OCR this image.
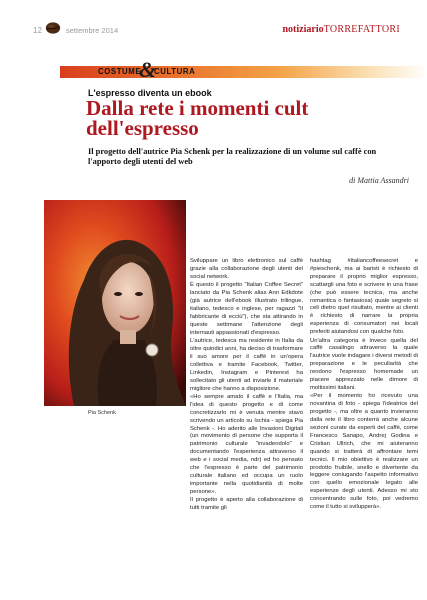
12	settembre 2014	notiziarioTORREFATTORI
COSTUME
&
CULTURA
L'espresso diventa un ebook
Dalla rete i momenti cult dell'espresso
Il progetto dell'autrice Pia Schenk per la realizzazione di un volume sul caffè con l'apporto degli utenti del web
di Mattia Assandri
Pia Schenk

Sviluppare un libro elettronico sul caffè grazie alla collaborazione degli utenti dei social network.

È questo il progetto "Italian Coffee Secret" lanciato da Pia Schenk alias Ann Edkdote (già autrice dell'ebook illustrato trilingue, italiano, tedesco e inglese, per ragazzi "Il fabbricante di ecciù"), che sta attirando in queste settimane l'attenzione degli internauti appassionati d'espresso.

L'autrice, tedesca ma residente in Italia da oltre quindici anni, ha deciso di trasformare il suo amore per il caffè in un'opera collettiva e tramite Facebook, Twitter, Linkedin, Instagram e Pinterest ha sollecitato gli utenti ad inviarle il materiale migliore che hanno a disposizione.

«Ho sempre amato il caffè e l'Italia, ma l'idea di questo progetto e di come concretizzarlo mi è venuta mentre stavo scrivendo un articolo su Ischia - spiega Pia Schenk -. Ho aderito alle Invasioni Digitali (un movimento di persone che supporta il patrimonio culturale "invadendolo" e documentando l'esperienza attraverso il web e i social media, ndr) ed ho pensato che l'espresso è parte del patrimonio culturale italiano ed occupa un ruolo importante nella quotidianità di molte persone».

Il progetto è aperto alla collaborazione di tutti tramite gli

hashtag #italiancoffeesecret e #pieschenk, ma ai baristi è richiesto di preparare il proprio miglior espresso, scattargli una foto e scrivere in una frase (che può essere tecnica, ma anche romantica o fantasiosa) quale segreto si celi dietro quel risultato, mentre ai clienti è richiesto di narrare la propria esperienza di consumatori nei locali preferiti aiutandosi con qualche foto.

Un'altra categoria è invece quella del caffè casalingo attraverso la quale l'autrice vuole indagare i diversi metodi di preparazione e le peculiarità che rendono l'espresso homemade un piacere apprezzato nelle dimore di moltissimi italiani.

«Per il momento ho ricevuto una novantina di foto - spiega l'ideatrice del progetto -, ma oltre a quanto invieranno dalla rete il libro conterrà anche alcune sezioni curate da esperti del caffè, come Francesco Sanapo, Andrej Godina e Cristian Ullrich, che mi aiuteranno quando si tratterà di affrontare temi tecnici. Il mio obiettivo è realizzare un prodotto fruibile, snello e divertente da leggere coniugando l'aspetto informativo con quello emozionale legato alle esperienze degli utenti. Adesso mi sto concentrando sulle foto, poi vedremo come il tutto si svilupperà».
